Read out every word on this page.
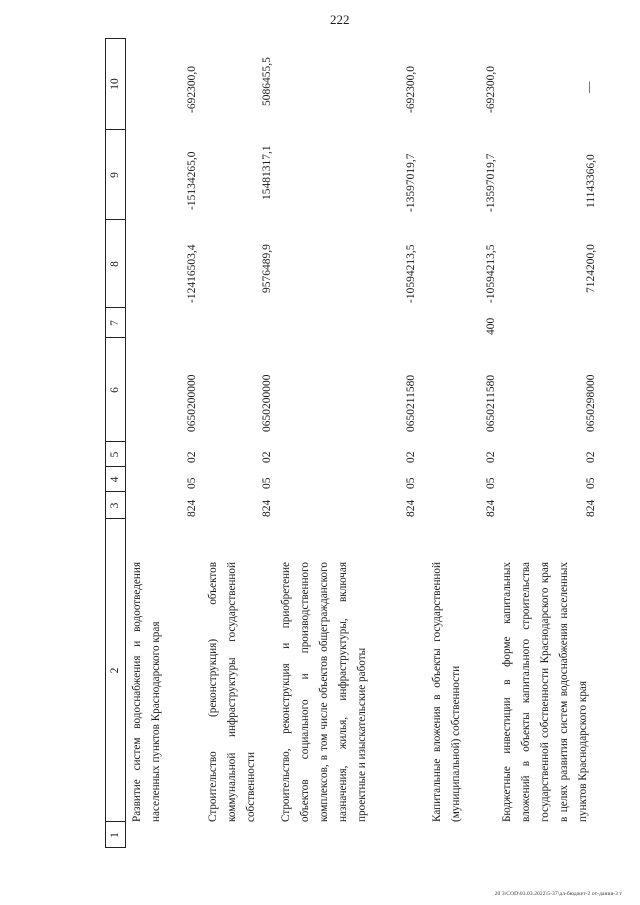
222
1
2
3
4
5
6
7
8
9
10
Развитие систем водоснабжения и водоотведения населенных пунктов Краснодарского края
824
05
02
0650200000
-12416503,4
-15134265,0
-692300,0
Строительство (реконструкция) объектов коммунальной инфраструктуры государственной собственности
824
05
02
0650200000
9576489,9
15481317,1
5086455,5
Строительство, реконструкция и приобретение объектов социального и производственного комплексов, в том числе объектов общегражданского назначения, жилья, инфраструктуры, включая проектные и изыскательские работы
824
05
02
0650211580
-10594213,5
-13597019,7
-692300,0
Капитальные вложения в объекты государственной (муниципальной) собственности
824
05
02
0650211580
400
-10594213,5
-13597019,7
-692300,0
Бюджетные инвестиции в форме капитальных вложений в объекты капитального строительства государственной собственности Краснодарского края в целях развития систем водоснабжения населенных пунктов Краснодарского края
824
05
02
0650298000
7124200,0
11143366,0
—
20 3\COD\03.03.2022\5-37\дл-бюджет-2 от-дания-3 т
